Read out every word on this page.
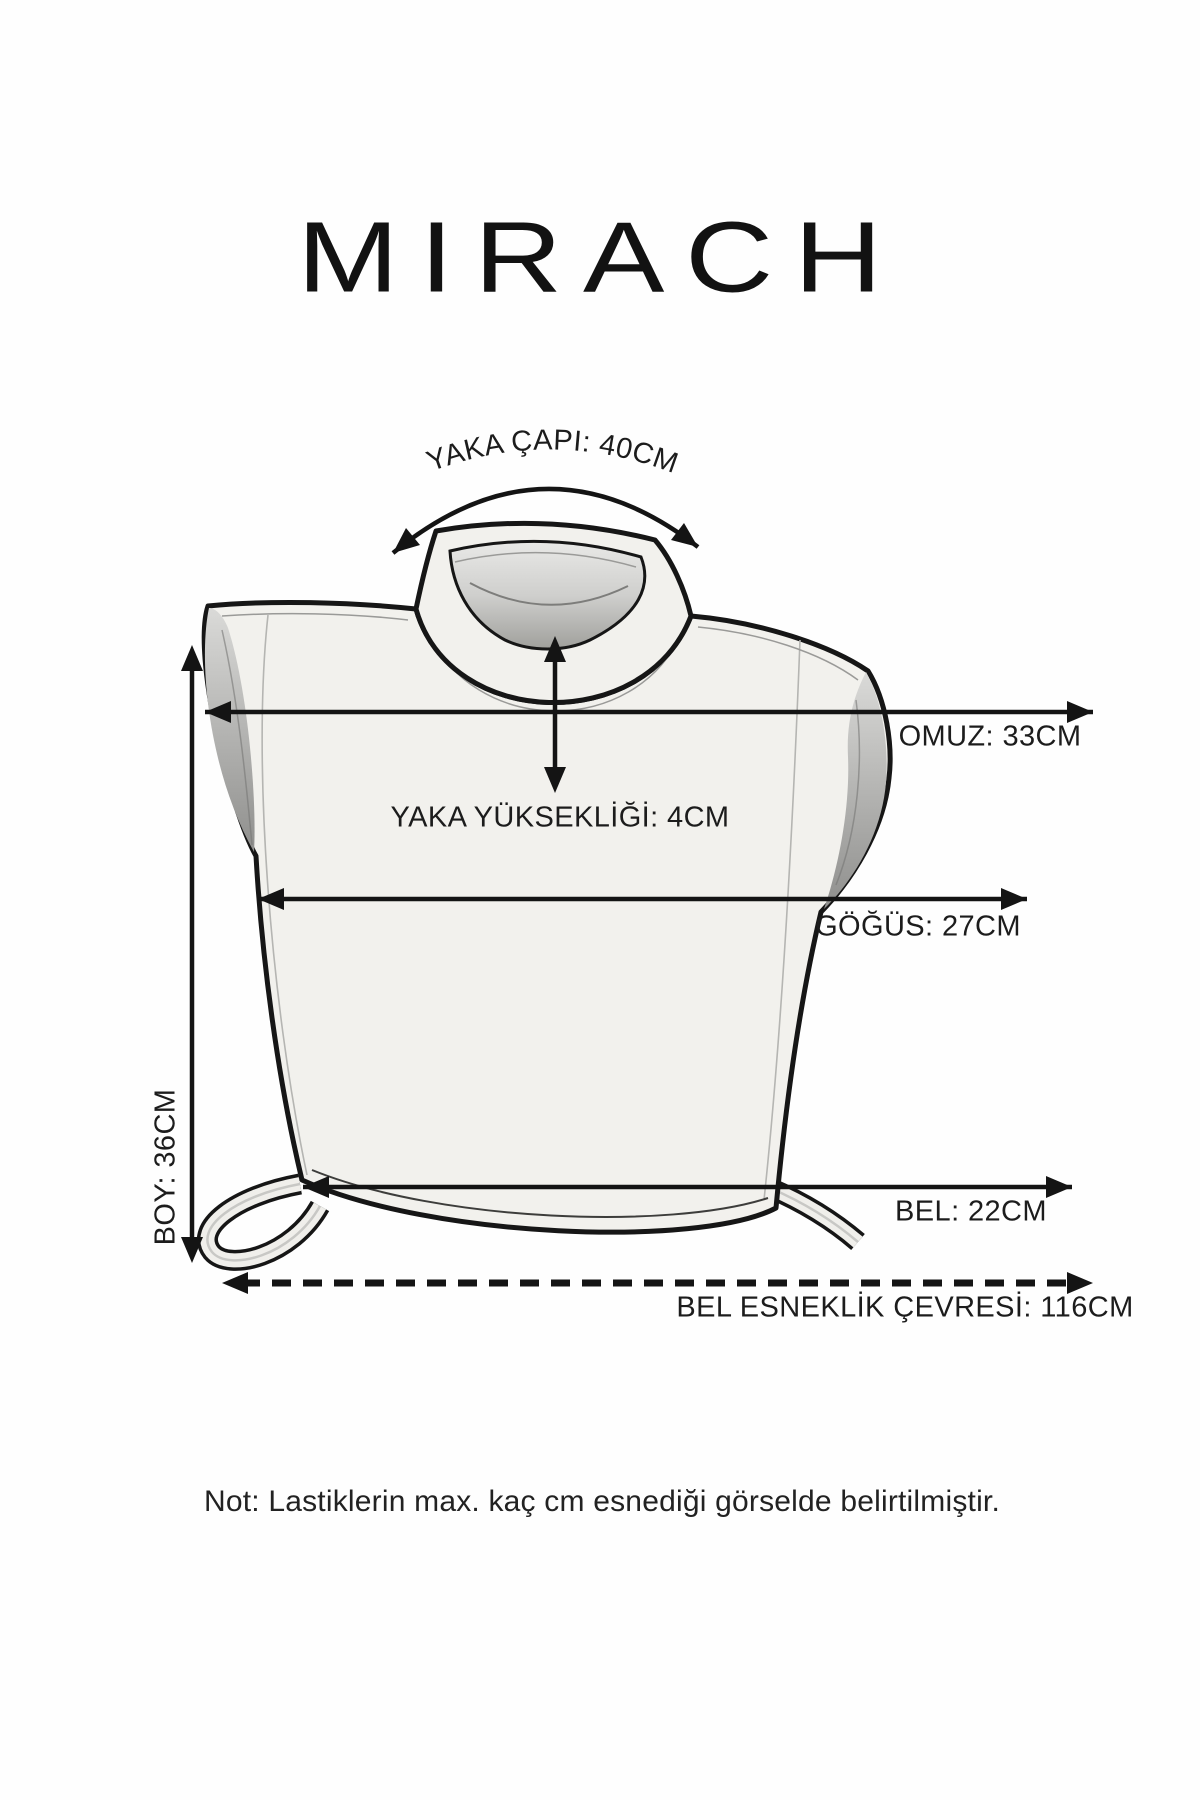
MIRACH
YAKA ÇAPI: 40CM
OMUZ: 33CM
YAKA YÜKSEKLİĞİ: 4CM
GÖĞÜS: 27CM
BOY: 36CM	BEL: 22CM
BEL ESNEKLİK ÇEVRESİ: 116CM
Not: Lastiklerin max. kaç cm esnediği görselde belirtilmiştir.
